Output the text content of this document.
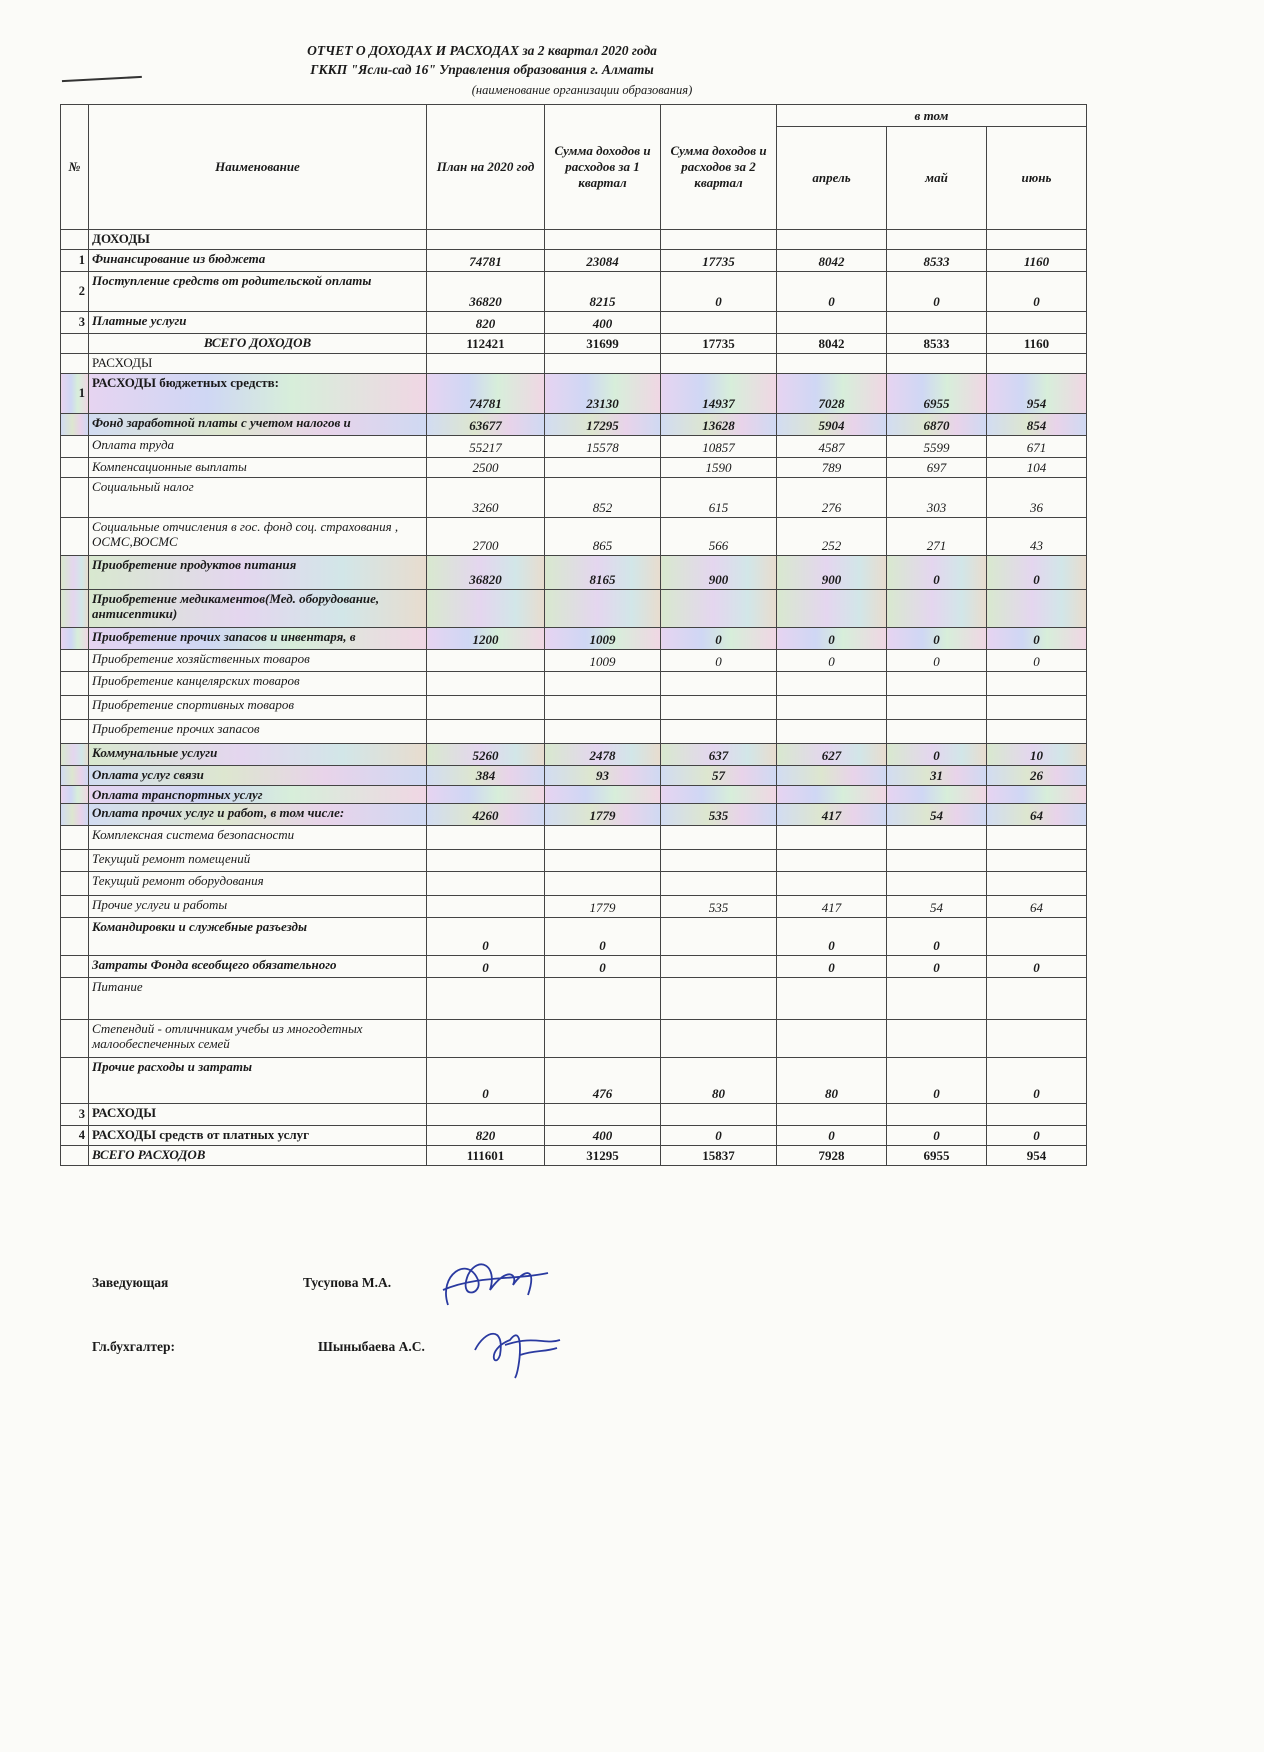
ОТЧЕТ О ДОХОДАХ И РАСХОДАХ за 2 квартал 2020 года
ГККП "Ясли-сад 16" Управления образования г. Алматы
(наименование организации образования)
№	Наименование	План на 2020 год	Сумма доходов и расходов за 1 квартал	Сумма доходов и расходов за 2 квартал	в том		
					апрель	май	июнь
	ДОХОДЫ						
1	Финансирование из бюджета	74781	23084	17735	8042	8533	1160
2	Поступление средств от родительской оплаты	36820	8215	0	0	0	0
3	Платные услуги	820	400				
	ВСЕГО ДОХОДОВ	112421	31699	17735	8042	8533	1160
	РАСХОДЫ						
1	РАСХОДЫ бюджетных средств:	74781	23130	14937	7028	6955	954
	Фонд заработной платы с учетом налогов и	63677	17295	13628	5904	6870	854
	Оплата труда	55217	15578	10857	4587	5599	671
	Компенсационные выплаты	2500		1590	789	697	104
	Социальный налог	3260	852	615	276	303	36
	Социальные отчисления в гос. фонд соц. страхования , ОСМС,ВОСМС	2700	865	566	252	271	43
	Приобретение продуктов питания	36820	8165	900	900	0	0
	Приобретение медикаментов(Мед. оборудование, антисептики)						
	Приобретение прочих запасов и инвентаря, в	1200	1009	0	0	0	0
	Приобретение хозяйственных товаров		1009	0	0	0	0
	Приобретение канцелярских товаров						
	Приобретение спортивных товаров						
	Приобретение прочих запасов						
	Коммунальные услуги	5260	2478	637	627	0	10
	Оплата услуг связи	384	93	57		31	26
	Оплата транспортных услуг						
	Оплата прочих услуг и работ, в том числе:	4260	1779	535	417	54	64
	Комплексная система безопасности						
	Текущий ремонт помещений						
	Текущий ремонт оборудования						
	Прочие услуги и работы		1779	535	417	54	64
	Командировки и служебные разъезды	0	0		0	0	
	Затраты Фонда всеобщего обязательного	0	0		0	0	0
	Питание						
	Степендий - отличникам учебы из многодетных малообеспеченных семей						
	Прочие расходы и затраты	0	476	80	80	0	0
3	РАСХОДЫ						
4	РАСХОДЫ средств от платных услуг	820	400	0	0	0	0
	ВСЕГО РАСХОДОВ	111601	31295	15837	7928	6955	954
Заведующая	Тусупова М.А.
Гл.бухгалтер:	Шыныбаева А.С.
